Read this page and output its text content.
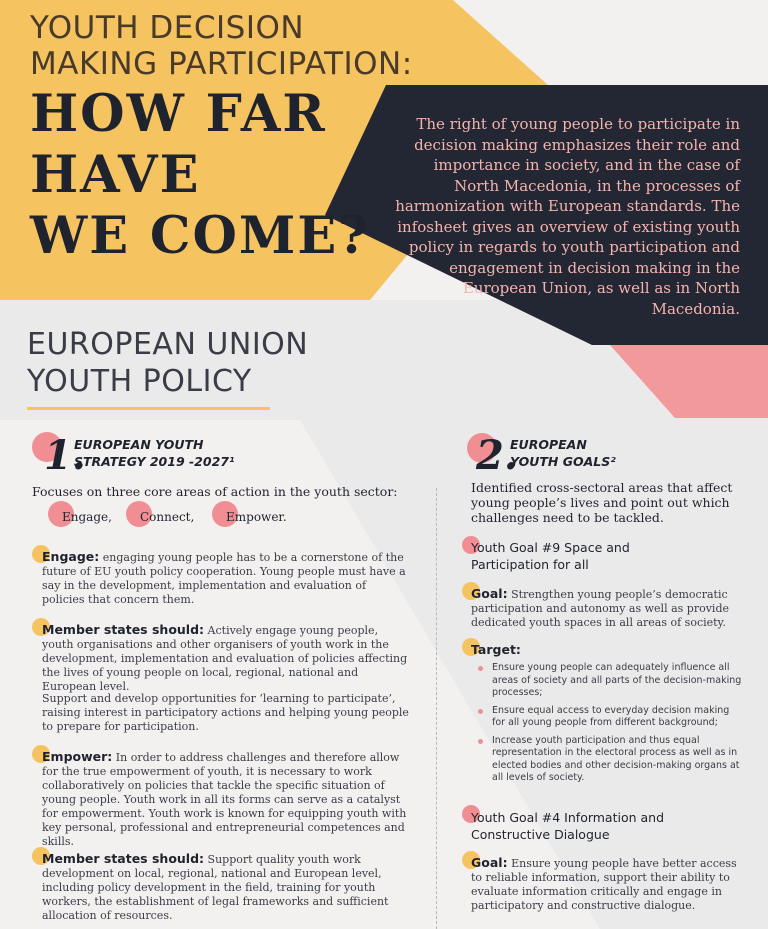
YOUTH DECISION
MAKING PARTICIPATION:
HOW FAR
HAVE
WE COME?
The right of young people to participate in decision making emphasizes their role and importance in society, and in the case of North Macedonia, in the processes of harmonization with European standards. The infosheet gives an overview of existing youth policy in regards to youth participation and engagement in decision making in the European Union, as well as in North Macedonia.
EUROPEAN UNION
YOUTH POLICY
1.
EUROPEAN YOUTH
STRATEGY 2019 -2027¹
Focuses on three core areas of action in the youth sector:
Engage, Connect,	Empower.
Engage: engaging young people has to be a cornerstone of the future of EU youth policy cooperation. Young people must have a say in the development, implementation and evaluation of policies that concern them.
Member states should: Actively engage young people, youth organisations and other organisers of youth work in the development, implementation and evaluation of policies affecting the lives of young people on local, regional, national and European level.
Support and develop opportunities for ‘learning to participate’, raising interest in participatory actions and helping young people to prepare for participation.
Empower: In order to address challenges and therefore allow for the true empowerment of youth, it is necessary to work collaboratively on policies that tackle the specific situation of young people. Youth work in all its forms can serve as a catalyst for empowerment. Youth work is known for equipping youth with key personal, professional and entrepreneurial competences and skills.
Member states should: Support quality youth work development on local, regional, national and European level, including policy development in the field, training for youth workers, the establishment of legal frameworks and sufficient allocation of resources.
2.
EUROPEAN
YOUTH GOALS²
Identified cross-sectoral areas that affect young people’s lives and point out which challenges need to be tackled.
Youth Goal #9 Space and Participation for all
Goal: Strengthen young people’s democratic participation and autonomy as well as provide dedicated youth spaces in all areas of society.
Target:
Ensure young people can adequately influence all areas of society and all parts of the decision-making processes;
Ensure equal access to everyday decision making for all young people from different background;
Increase youth participation and thus equal representation in the electoral process as well as in elected bodies and other decision-making organs at all levels of society.
Youth Goal #4 Information and Constructive Dialogue
Goal: Ensure young people have better access to reliable information, support their ability to evaluate information critically and engage in participatory and constructive dialogue.
